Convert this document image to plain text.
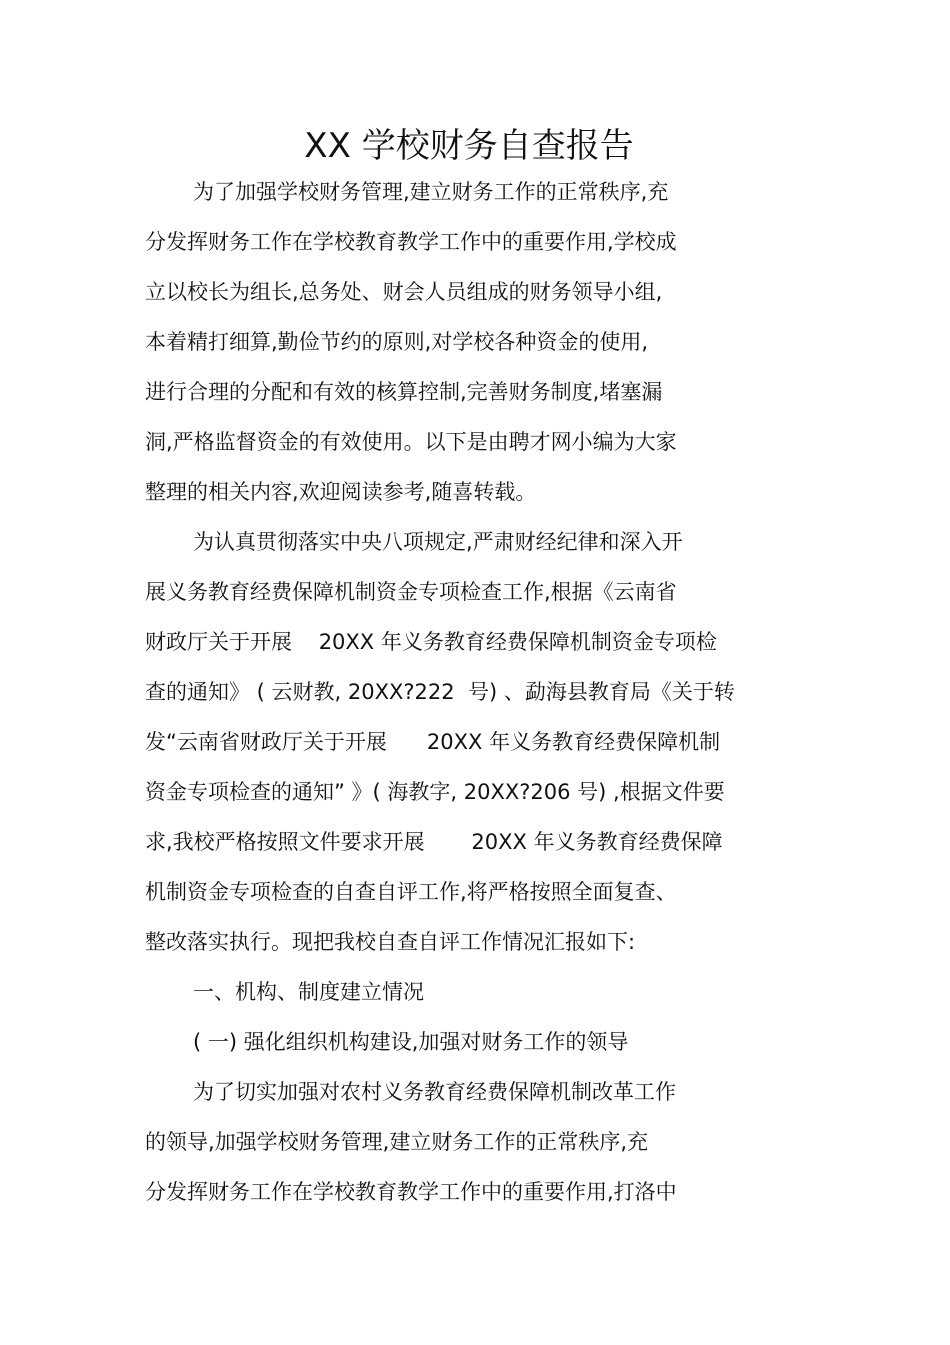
XX 学校财务自查报告

为了加强学校财务管理,建立财务工作的正常秩序,充

分发挥财务工作在学校教育教学工作中的重要作用,学校成

立以校长为组长,总务处、财会人员组成的财务领导小组,

本着精打细算,勤俭节约的原则,对学校各种资金的使用,

进行合理的分配和有效的核算控制,完善财务制度,堵塞漏

洞,严格监督资金的有效使用。以下是由聘才网小编为大家

整理的相关内容,欢迎阅读参考,随喜转载。

为认真贯彻落实中央八项规定,严肃财经纪律和深入开

展义务教育经费保障机制资金专项检查工作,根据《云南省

财政厅关于开展    20XX 年义务教育经费保障机制资金专项检

查的通知》 ( 云财教, 20XX?222  号) 、勐海县教育局《关于转

发“云南省财政厅关于开展      20XX 年义务教育经费保障机制

资金专项检查的通知” 》( 海教字, 20XX?206 号) ,根据文件要

求,我校严格按照文件要求开展       20XX 年义务教育经费保障

机制资金专项检查的自查自评工作,将严格按照全面复查、

整改落实执行。现把我校自查自评工作情况汇报如下:

一、机构、制度建立情况

( 一) 强化组织机构建设,加强对财务工作的领导

为了切实加强对农村义务教育经费保障机制改革工作

的领导,加强学校财务管理,建立财务工作的正常秩序,充

分发挥财务工作在学校教育教学工作中的重要作用,打洛中
